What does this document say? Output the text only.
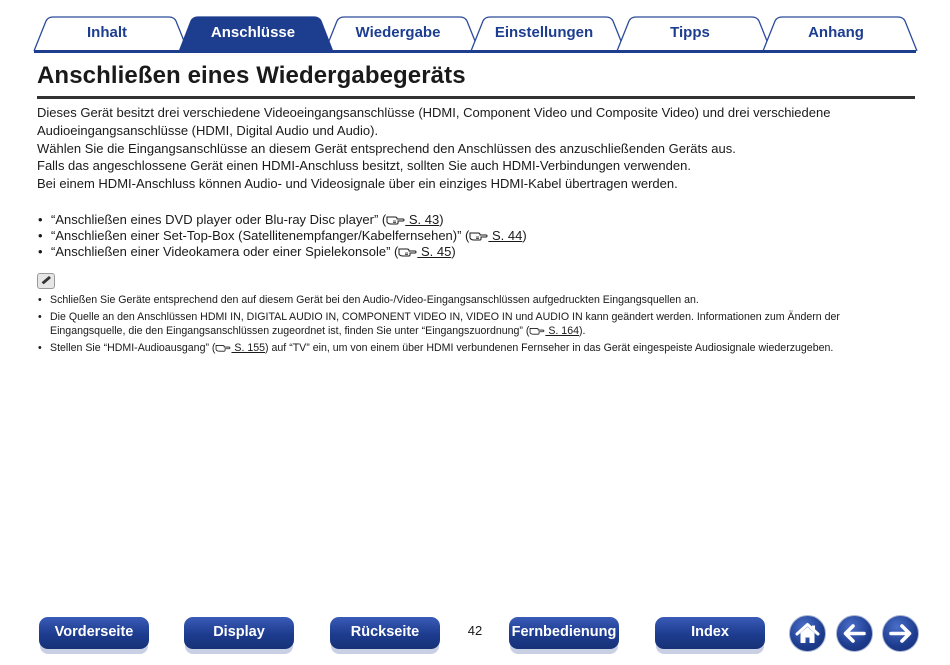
Inhalt	Anschlüsse	Wiedergabe	Einstellungen	Tipps	Anhang
Anschließen eines Wiedergabegeräts

Dieses Gerät besitzt drei verschiedene Videoeingangsanschlüsse (HDMI, Component Video und Composite Video) und drei verschiedene Audioeingangsanschlüsse (HDMI, Digital Audio und Audio).

Wählen Sie die Eingangsanschlüsse an diesem Gerät entsprechend den Anschlüssen des anzuschließenden Geräts aus.

Falls das angeschlossene Gerät einen HDMI-Anschluss besitzt, sollten Sie auch HDMI-Verbindungen verwenden.

Bei einem HDMI-Anschluss können Audio- und Videosignale über ein einziges HDMI-Kabel übertragen werden.

• “Anschließen eines DVD player oder Blu-ray Disc player” ( S. 43)
• “Anschließen einer Set-Top-Box (Satellitenempfanger/Kabelfernsehen)” ( S. 44)
• “Anschließen einer Videokamera oder einer Spielekonsole” ( S. 45)
• Schließen Sie Geräte entsprechend den auf diesem Gerät bei den Audio-/Video-Eingangsanschlüssen aufgedruckten Eingangsquellen an.
• Die Quelle an den Anschlüssen HDMI IN, DIGITAL AUDIO IN, COMPONENT VIDEO IN, VIDEO IN und AUDIO IN kann geändert werden. Informationen zum Ändern der Eingangsquelle, die den Eingangsanschlüssen zugeordnet ist, finden Sie unter “Eingangszuordnung” ( S. 164).
• Stellen Sie “HDMI-Audioausgang” ( S. 155) auf “TV” ein, um von einem über HDMI verbundenen Fernseher in das Gerät eingespeiste Audiosignale wiederzugeben.
Vorderseite	Display	Rückseite	42	Fernbedienung	Index
